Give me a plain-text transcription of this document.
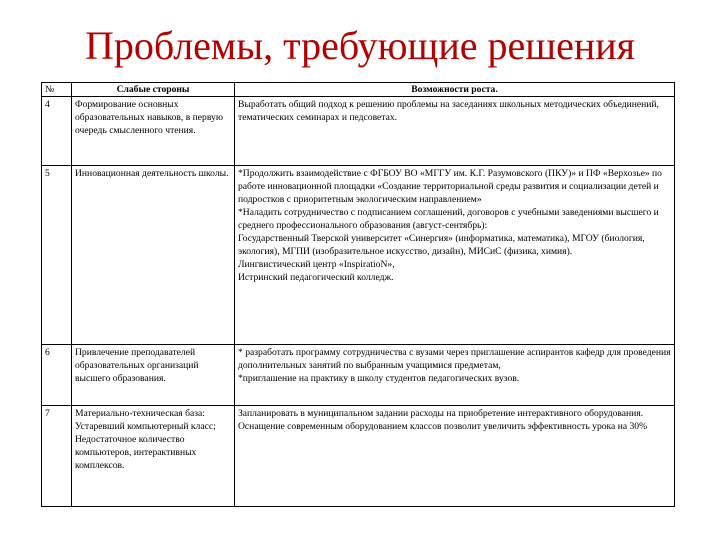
Проблемы, требующие решения
№	Слабые стороны	Возможности роста.
4	Формирование основных образовательных навыков, в первую очередь смысленного чтения.	Выработать общий подход к решению проблемы на заседаниях школьных методических объединений, тематических семинарах и педсоветах.

5	Инновационная деятельность школы.	*Продолжить взаимодействие с ФГБОУ ВО «МГГУ им. К.Г. Разумовского (ПКУ)» и ПФ «Верхозье» по работе инновационной площадки «Создание территориальной среды развития и социализации детей и подростков с приоритетным экологическим направлением»
*Наладить сотрудничество с подписанием соглашений, договоров с учебными заведениями высшего и среднего профессионального образования (август-сентябрь):
Государственный Тверской университет «Синергия» (информатика, математика), МГОУ (биология, экология), МГПИ (изобразительное искусство, дизайн), МИСиС (физика, химия).
Лингвистический центр «InspiratioN»,
Истринский педагогический колледж.

6	Привлечение преподавателей образовательных организаций высшего образования.	* разработать программу сотрудничества с вузами через приглашение аспирантов кафедр для проведения дополнительных занятий по выбранным учащимися предметам,
*приглашение на практику в школу студентов педагогических вузов.

7	Материально-техническая база: Устаревший компьютерный класс; Недостаточное количество компьютеров, интерактивных комплексов.	Запланировать в муниципальном задании расходы на приобретение интерактивного оборудования.
Оснащение современным оборудованием классов позволит увеличить эффективность урока на 30%
